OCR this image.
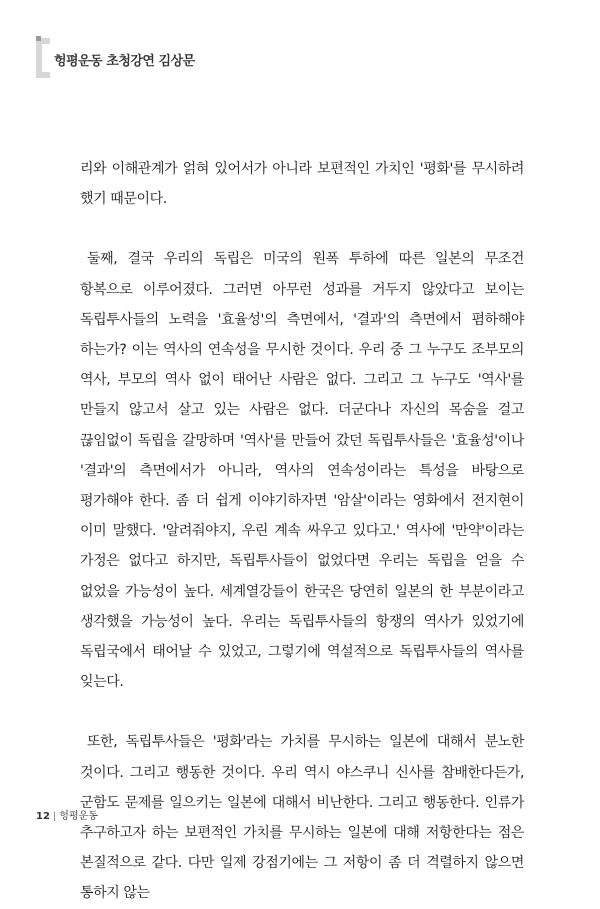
헝평운동 초청강연 김상문

리와 이해관계가 얽혀 있어서가 아니라 보편적인 가치인 '평화'를 무시하려 했기 때문이다.

둘째, 결국 우리의 독립은 미국의 원폭 투하에 따른 일본의 무조건 항복으로 이루어졌다. 그러면 아무런 성과를 거두지 않았다고 보이는 독립투사들의 노력을 '효율성'의 측면에서, '결과'의 측면에서 폄하해야 하는가? 이는 역사의 연속성을 무시한 것이다. 우리 중 그 누구도 조부모의 역사, 부모의 역사 없이 태어난 사람은 없다. 그리고 그 누구도 '역사'를 만들지 않고서 살고 있는 사람은 없다. 더군다나 자신의 목숨을 걸고 끊임없이 독립을 갈망하며 '역사'를 만들어 갔던 독립투사들은 '효율성'이나 '결과'의 측면에서가 아니라, 역사의 연속성이라는 특성을 바탕으로 평가해야 한다. 좀 더 쉽게 이야기하자면 '암살'이라는 영화에서 전지현이 이미 말했다. '알려줘야지, 우린 계속 싸우고 있다고.' 역사에 '만약'이라는 가정은 없다고 하지만, 독립투사들이 없었다면 우리는 독립을 얻을 수 없었을 가능성이 높다. 세계열강들이 한국은 당연히 일본의 한 부분이라고 생각했을 가능성이 높다. 우리는 독립투사들의 항쟁의 역사가 있었기에 독립국에서 태어날 수 있었고, 그렇기에 역설적으로 독립투사들의 역사를 잊는다.

또한, 독립투사들은 '평화'라는 가치를 무시하는 일본에 대해서 분노한 것이다. 그리고 행동한 것이다. 우리 역시 야스쿠니 신사를 참배한다든가, 군함도 문제를 일으키는 일본에 대해서 비난한다. 그리고 행동한다. 인류가 추구하고자 하는 보편적인 가치를 무시하는 일본에 대해 저항한다는 점은 본질적으로 같다. 다만 일제 강점기에는 그 저항이 좀 더 격렬하지 않으면 통하지 않는

12 | 헝평운동
